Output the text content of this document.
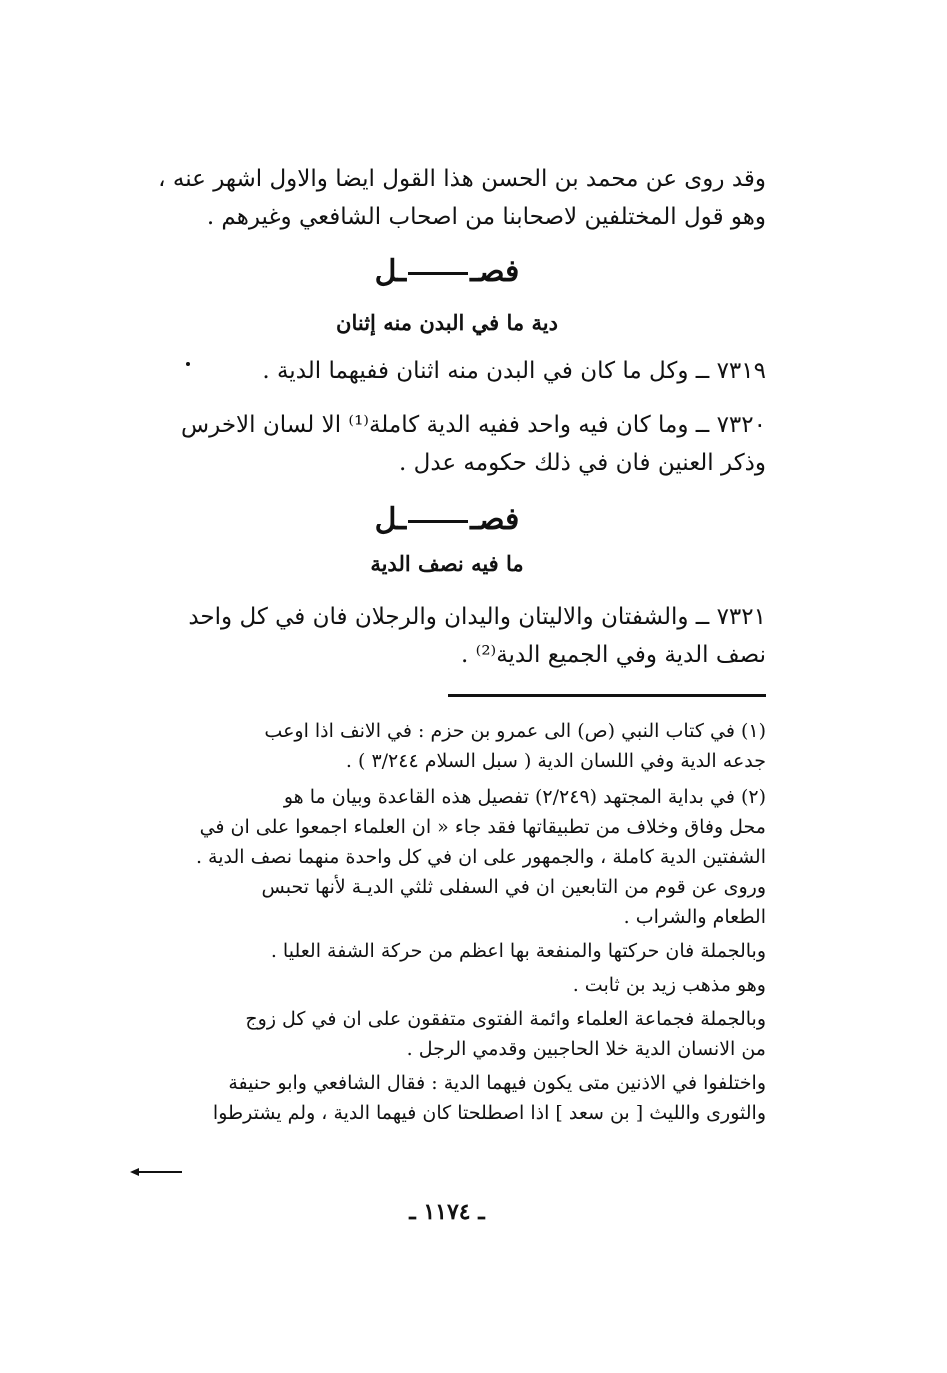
وقد روى عن محمد بن الحسن هذا القول ايضا والاول اشهر عنه ،
وهو قول المختلفين لاصحابنا من اصحاب الشافعي وغيرهم .
فصــل
دية ما في البدن منه إثنان
٧٣١٩ ــ وكل ما كان في البدن منه اثنان ففيهما الدية .
٧٣٢٠ ــ وما كان فيه واحد ففيه الدية كاملة⁽¹⁾ الا لسان الاخرس
وذكر العنين فان في ذلك حكومه عدل .
فصــل
ما فيه نصف الدية
٧٣٢١ ــ والشفتان والاليتان واليدان والرجلان فان في كل واحد
نصف الدية وفي الجميع الدية⁽²⁾ .
(١) في كتاب النبي (ص) الى عمرو بن حزم : في الانف اذا اوعب
جدعه الدية وفي اللسان الدية ( سبل السلام ٣/٢٤٤ ) .
(٢) في بداية المجتهد (٢/٢٤٩) تفصيل هذه القاعدة وبيان ما هو
محل وفاق وخلاف من تطبيقاتها فقد جاء « ان العلماء اجمعوا على ان في
الشفتين الدية كاملة ، والجمهور على ان في كل واحدة منهما نصف الدية .
وروى عن قوم من التابعين ان في السفلى ثلثي الديـة لأنها تحبس
الطعام والشراب .
وبالجملة فان حركتها والمنفعة بها اعظم من حركة الشفة العليا .
وهو مذهب زيد بن ثابت .
وبالجملة فجماعة العلماء وائمة الفتوى متفقون على ان في كل زوج
من الانسان الدية خلا الحاجبين وقدمي الرجل .
واختلفوا في الاذنين متى يكون فيهما الدية : فقال الشافعي وابو حنيفة
والثورى والليث [ بن سعد ] اذا اصطلحتا كان فيهما الدية ، ولم يشترطوا
ـ ١١٧٤ ـ
